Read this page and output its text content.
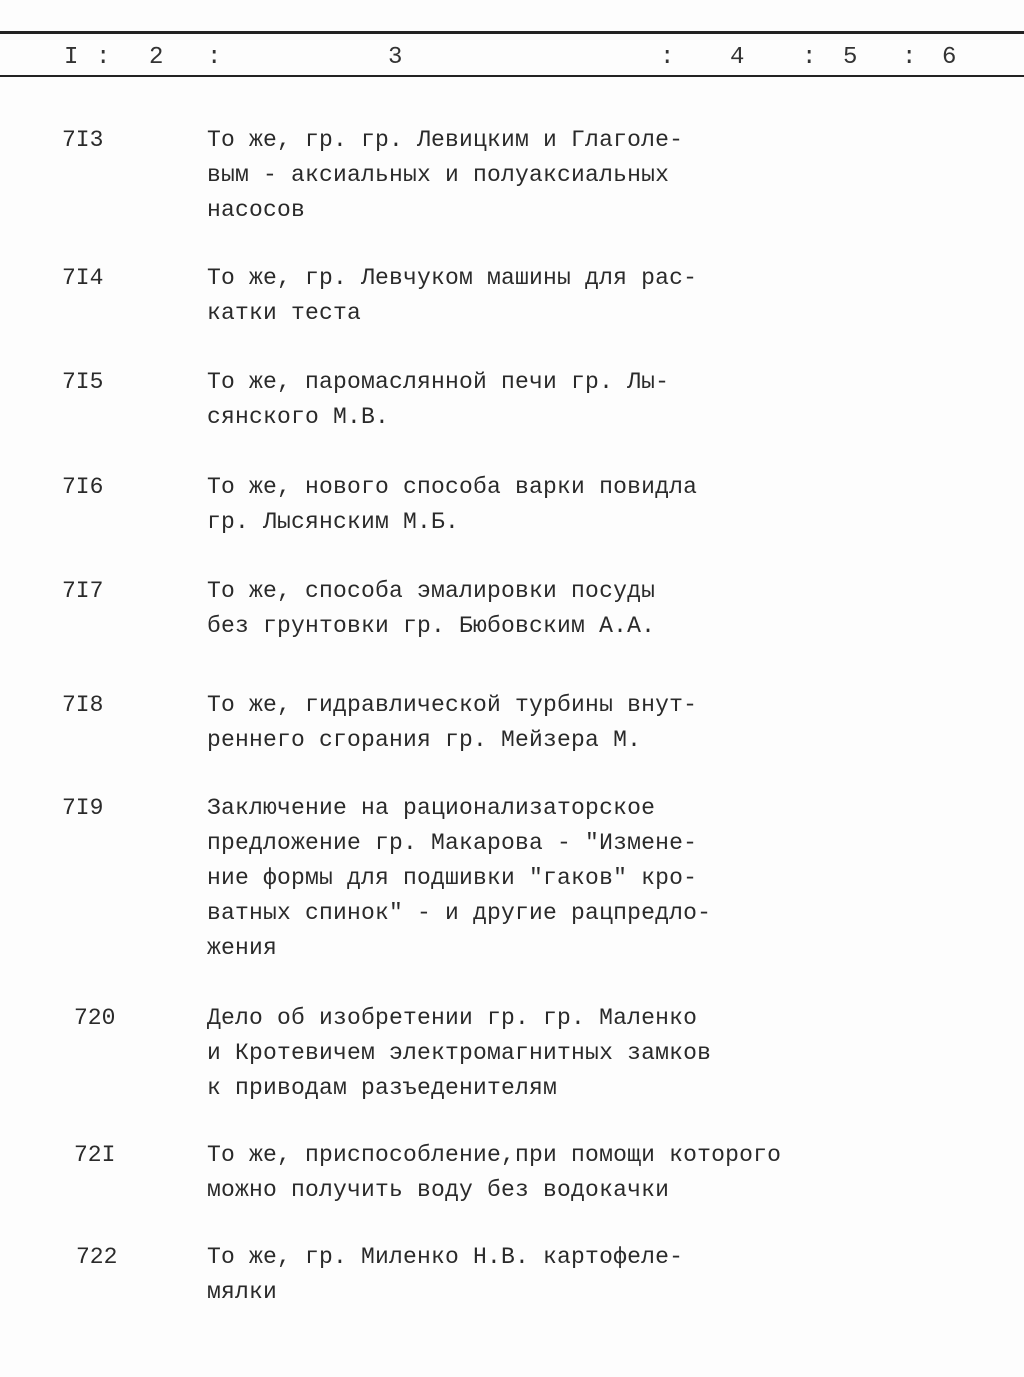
I : 2 :	3	: 4 : 5 : 6
7I3	То же, гр. гр. Левицким и Глаголе-
вым - аксиальных и полуаксиальных
насосов
7I4	То же, гр. Левчуком машины для рас-
катки теста
7I5	То же, паромаслянной печи гр. Лы-
сянского М.В.
7I6	То же, нового способа варки повидла
гр. Лысянским М.Б.
7I7	То же, способа эмалировки посуды
без грунтовки гр. Бюбовским А.А.
7I8	То же, гидравлической турбины внут-
реннего сгорания гр. Мейзера М.
7I9	Заключение на рационализаторское
предложение гр. Макарова - "Измене-
ние формы для подшивки "гаков" кро-
ватных спинок" - и другие рацпредло-
жения
720	Дело об изобретении гр. гр. Маленко
и Кротевичем электромагнитных замков
к приводам разъеденителям
72I	То же, приспособление,при помощи которого
можно получить воду без водокачки
722	То же, гр. Миленко Н.В. картофеле-
мялки
